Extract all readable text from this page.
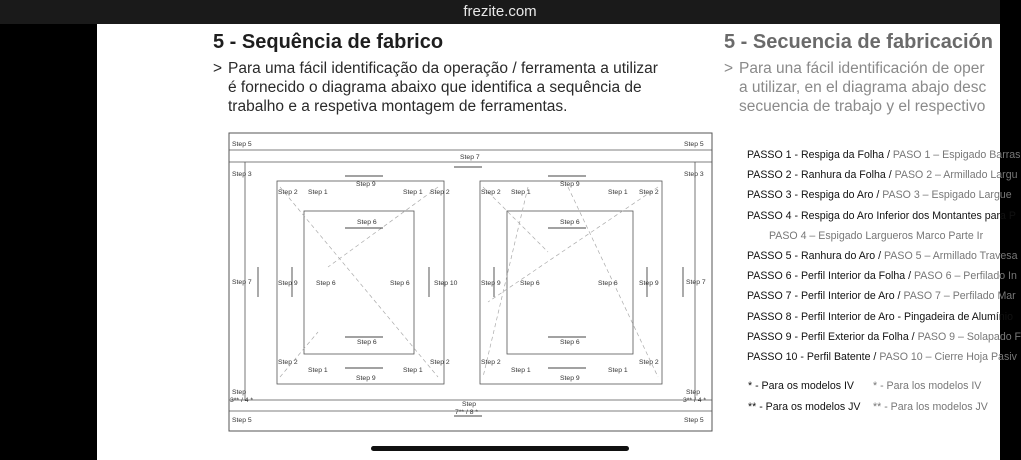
frezite.com
5 - Sequência de fabrico	5 - Secuencia de fabricación
> Para uma fácil identificação da operação / ferramenta a utilizar
é fornecido o diagrama abaixo que identifica a sequência de
trabalho e a respetiva montagem de ferramentas.
> Para una fácil identificación de oper
a utilizar, en el diagrama abajo desc
secuencia de trabajo y el respectivo
Step 5	Step 5
Step 7
Step 3	Step 3
Step 7	Step 7
Step 2 Step 1
Step 9
Step 1 Step 2	Step 2 Step 1
Step 9
Step 1 Step 2
Step 6	Step 6
Step 9	Step 6	Step 6	Step 10	Step 9	Step 6	Step 6	Step 9
Step 6	Step 6
Step 2
Step 1
Step 9
Step 1
Step 2	Step 2
Step 1
Step 9
Step 1
Step 2
Step
3** / 4 *
Step
3** / 4 *
Step
7** / 8 *
Step 5	Step 5
PASSO 1 - Respiga da Folha / PASO 1 – Espigado Barras
PASSO 2 - Ranhura da Folha / PASO 2 – Armillado Largu
PASSO 3 - Respiga do Aro / PASO 3 – Espigado Largue
PASSO 4 - Respiga do Aro Inferior dos Montantes para P
PASO 4 – Espigado Largueros Marco Parte Ir
PASSO 5 - Ranhura do Aro / PASO 5 – Armillado Travesa
PASSO 6 - Perfil Interior da Folha / PASO 6 – Perfilado In
PASSO 7 - Perfil Interior de Aro / PASO 7 – Perfilado Mar
PASSO 8 - Perfil Interior de Aro - Pingadeira de Alumínio
PASSO 9 - Perfil Exterior da Folha / PASO 9 – Solapado F
PASSO 10 - Perfil Batente / PASO 10 – Cierre Hoja Pasiv
* - Para os modelos IV * - Para los modelos IV
** - Para os modelos JV ** - Para los modelos JV
